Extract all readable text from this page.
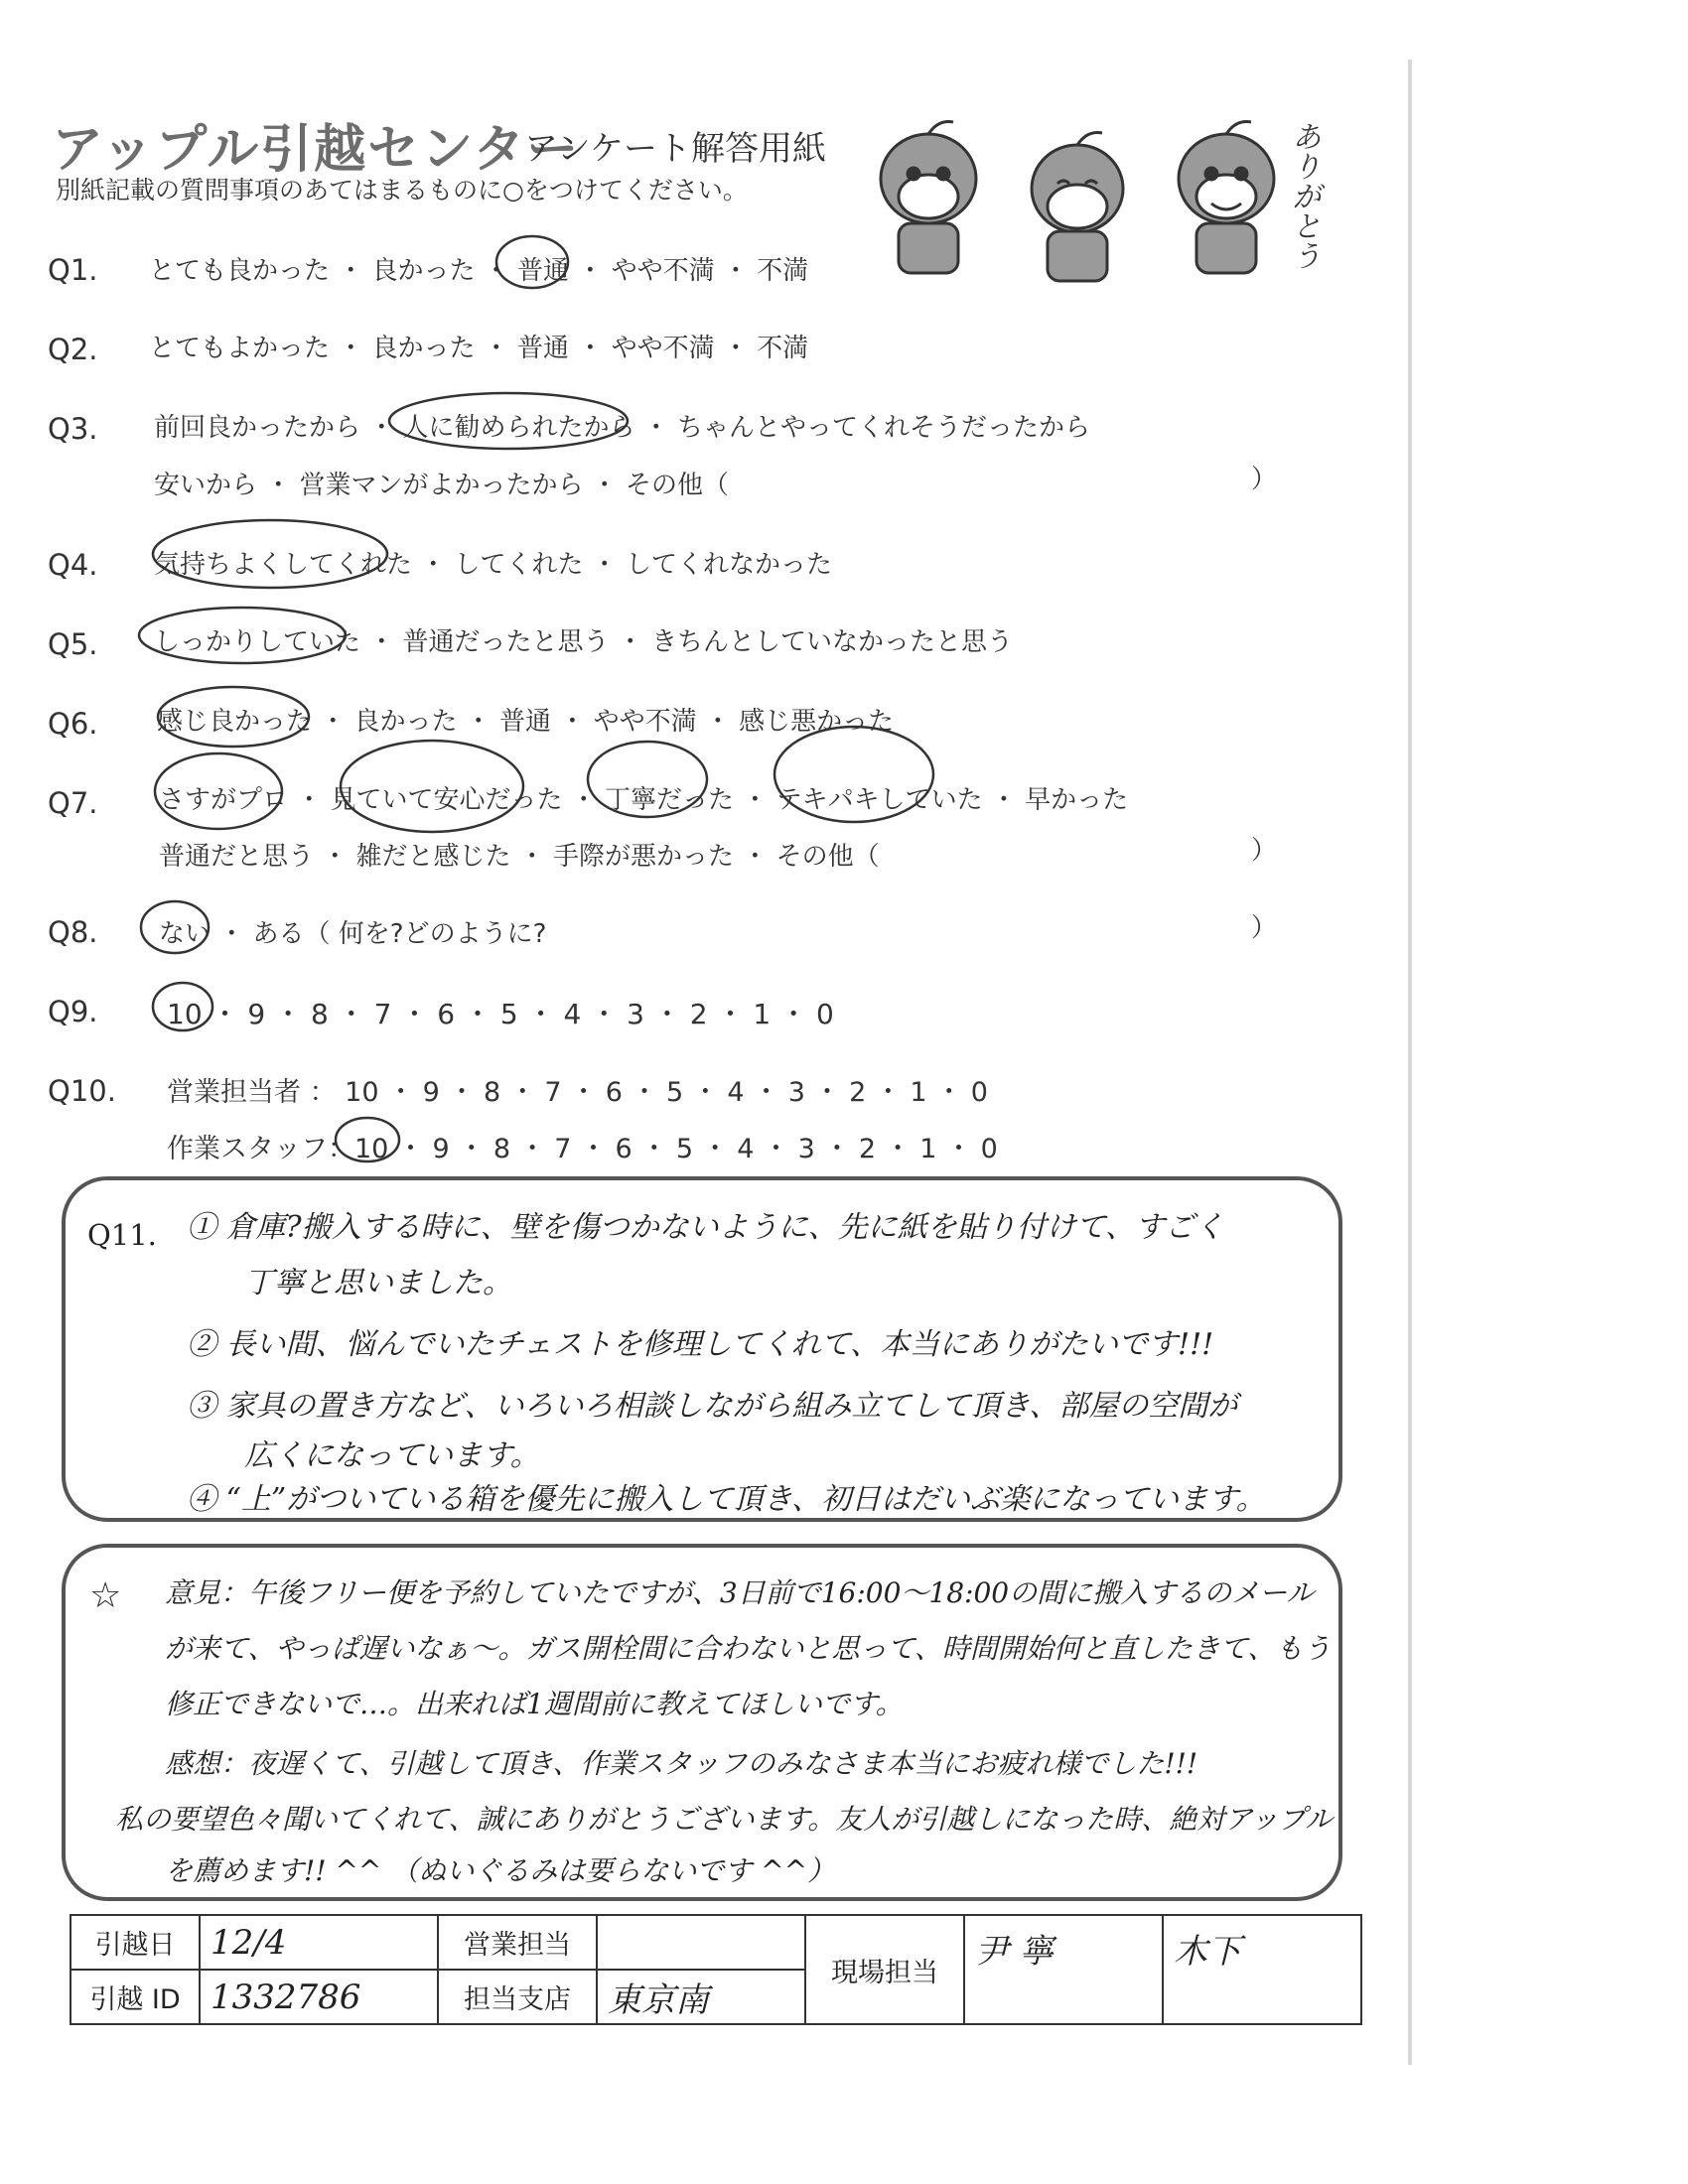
アップル引越センター
アンケート解答用紙
別紙記載の質問事項のあてはまるものに○をつけてください。	ありがとう
Q1. とても良かった ・ 良かった ・ 普通 ・ やや不満 ・ 不満
Q2. とてもよかった ・ 良かった ・ 普通 ・ やや不満 ・ 不満
Q3. 前回良かったから ・ 人に勧められたから ・ ちゃんとやってくれそうだったから
安いから ・ 営業マンがよかったから ・ その他（	）
Q4. 気持ちよくしてくれた ・ してくれた ・ してくれなかった
Q5. しっかりしていた ・ 普通だったと思う ・ きちんとしていなかったと思う
Q6. 感じ良かった ・ 良かった ・ 普通 ・ やや不満 ・ 感じ悪かった
Q7. さすがプロ ・ 見ていて安心だった ・ 丁寧だった ・ テキパキしていた ・ 早かった
普通だと思う ・ 雑だと感じた ・ 手際が悪かった ・ その他（	）
Q8. ない ・ ある（ 何を?どのように?	）
Q9. 10 ・ 9 ・ 8 ・ 7 ・ 6 ・ 5 ・ 4 ・ 3 ・ 2 ・ 1 ・ 0
Q10. 営業担当者 ： 10 ・ 9 ・ 8 ・ 7 ・ 6 ・ 5 ・ 4 ・ 3 ・ 2 ・ 1 ・ 0
作業スタッフ：10 ・ 9 ・ 8 ・ 7 ・ 6 ・ 5 ・ 4 ・ 3 ・ 2 ・ 1 ・ 0
Q11. ① 倉庫?搬入する時に、壁を傷つかないように、先に紙を貼り付けて、すごく
丁寧と思いました。
② 長い間、悩んでいたチェストを修理してくれて、本当にありがたいです!!!
③ 家具の置き方など、いろいろ相談しながら組み立てして頂き、部屋の空間が
広くになっています。
④ “上”がついている箱を優先に搬入して頂き、初日はだいぶ楽になっています。
☆ 意見：午後フリー便を予約していたですが、3日前で16:00〜18:00の間に搬入するのメール
が来て、やっぱ遅いなぁ〜。ガス開栓間に合わないと思って、時間開始何と直したきて、もう
修正できないで…。出来れば1週間前に教えてほしいです。
感想：夜遅くて、引越して頂き、作業スタッフのみなさま本当にお疲れ様でした!!!
私の要望色々聞いてくれて、誠にありがとうございます。友人が引越しになった時、絶対アップル
を薦めます!! ^^ （ぬいぐるみは要らないです ^^）
引越日	12/4	営業担当		現場担当	尹 寧	木下
引越 ID	1332786	担当支店	東京南			
